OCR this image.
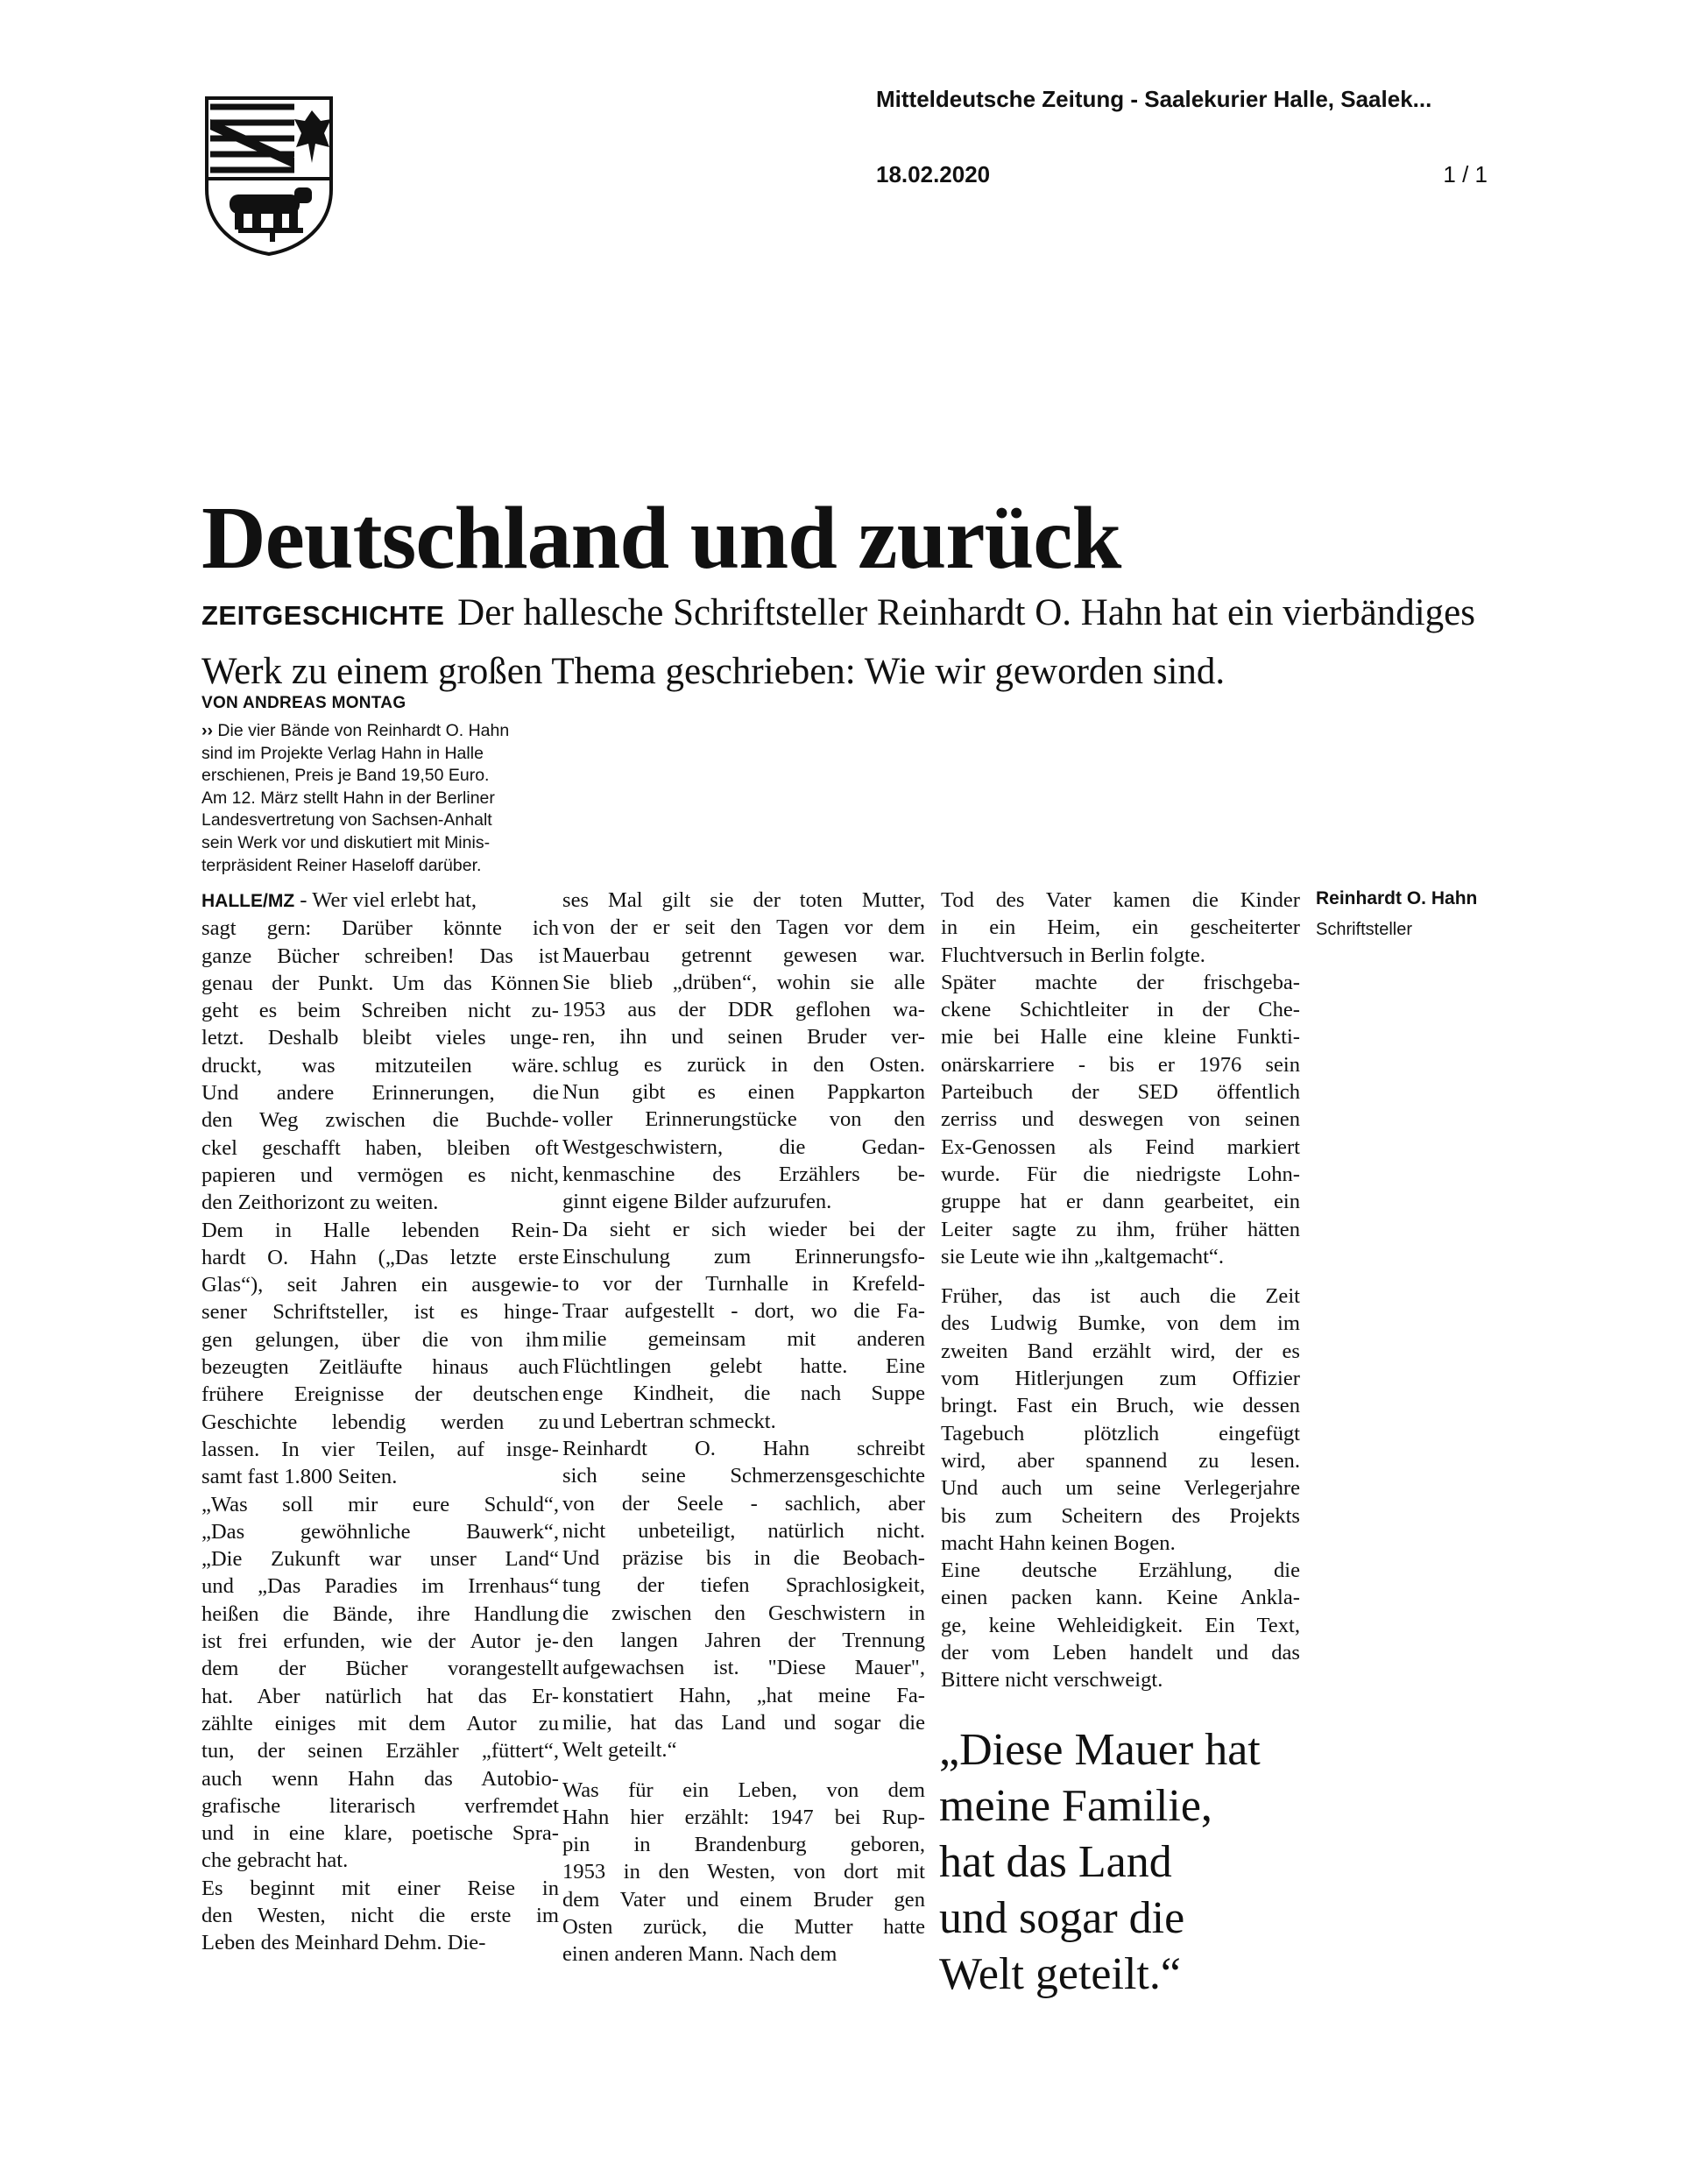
Mitteldeutsche Zeitung - Saalekurier Halle, Saalek...
18.02.2020	1 / 1
Deutschland und zurück

ZEITGESCHICHTE Der hallesche Schriftsteller Reinhardt O. Hahn hat ein vierbändiges Werk zu einem großen Thema geschrieben: Wie wir geworden sind.

VON ANDREAS MONTAG
›› Die vier Bände von Reinhardt O. Hahn
sind im Projekte Verlag Hahn in Halle
erschienen, Preis je Band 19,50 Euro.
Am 12. März stellt Hahn in der Berliner
Landesvertretung von Sachsen-Anhalt
sein Werk vor und diskutiert mit Minis-
terpräsident Reiner Haseloff darüber.
HALLE/MZ - Wer viel erlebt hat,
sagt gern: Darüber könnte ich
ganze Bücher schreiben! Das ist
genau der Punkt. Um das Können
geht es beim Schreiben nicht zu-
letzt. Deshalb bleibt vieles unge-
druckt, was mitzuteilen wäre.
Und andere Erinnerungen, die
den Weg zwischen die Buchde-
ckel geschafft haben, bleiben oft
papieren und vermögen es nicht,
den Zeithorizont zu weiten.
Dem in Halle lebenden Rein-
hardt O. Hahn („Das letzte erste
Glas“), seit Jahren ein ausgewie-
sener Schriftsteller, ist es hinge-
gen gelungen, über die von ihm
bezeugten Zeitläufte hinaus auch
frühere Ereignisse der deutschen
Geschichte lebendig werden zu
lassen. In vier Teilen, auf insge-
samt fast 1.800 Seiten.
„Was soll mir eure Schuld“,
„Das gewöhnliche Bauwerk“,
„Die Zukunft war unser Land“
und „Das Paradies im Irrenhaus“
heißen die Bände, ihre Handlung
ist frei erfunden, wie der Autor je-
dem der Bücher vorangestellt
hat. Aber natürlich hat das Er-
zählte einiges mit dem Autor zu
tun, der seinen Erzähler „füttert“,
auch wenn Hahn das Autobio-
grafische literarisch verfremdet
und in eine klare, poetische Spra-
che gebracht hat.
Es beginnt mit einer Reise in
den Westen, nicht die erste im
Leben des Meinhard Dehm. Die-
ses Mal gilt sie der toten Mutter,
von der er seit den Tagen vor dem
Mauerbau getrennt gewesen war.
Sie blieb „drüben“, wohin sie alle
1953 aus der DDR geflohen wa-
ren, ihn und seinen Bruder ver-
schlug es zurück in den Osten.
Nun gibt es einen Pappkarton
voller Erinnerungstücke von den
Westgeschwistern, die Gedan-
kenmaschine des Erzählers be-
ginnt eigene Bilder aufzurufen.
Da sieht er sich wieder bei der
Einschulung zum Erinnerungsfo-
to vor der Turnhalle in Krefeld-
Traar aufgestellt - dort, wo die Fa-
milie gemeinsam mit anderen
Flüchtlingen gelebt hatte. Eine
enge Kindheit, die nach Suppe
und Lebertran schmeckt.
Reinhardt O. Hahn schreibt
sich seine Schmerzensgeschichte
von der Seele - sachlich, aber
nicht unbeteiligt, natürlich nicht.
Und präzise bis in die Beobach-
tung der tiefen Sprachlosigkeit,
die zwischen den Geschwistern in
den langen Jahren der Trennung
aufgewachsen ist. "Diese Mauer",
konstatiert Hahn, „hat meine Fa-
milie, hat das Land und sogar die
Welt geteilt.“
Was für ein Leben, von dem
Hahn hier erzählt: 1947 bei Rup-
pin in Brandenburg geboren,
1953 in den Westen, von dort mit
dem Vater und einem Bruder gen
Osten zurück, die Mutter hatte
einen anderen Mann. Nach dem
Tod des Vater kamen die Kinder
in ein Heim, ein gescheiterter
Fluchtversuch in Berlin folgte.
Später machte der frischgeba-
ckene Schichtleiter in der Che-
mie bei Halle eine kleine Funkti-
onärskarriere - bis er 1976 sein
Parteibuch der SED öffentlich
zerriss und deswegen von seinen
Ex-Genossen als Feind markiert
wurde. Für die niedrigste Lohn-
gruppe hat er dann gearbeitet, ein
Leiter sagte zu ihm, früher hätten
sie Leute wie ihn „kaltgemacht“.
Früher, das ist auch die Zeit
des Ludwig Bumke, von dem im
zweiten Band erzählt wird, der es
vom Hitlerjungen zum Offizier
bringt. Fast ein Bruch, wie dessen
Tagebuch plötzlich eingefügt
wird, aber spannend zu lesen.
Und auch um seine Verlegerjahre
bis zum Scheitern des Projekts
macht Hahn keinen Bogen.
Eine deutsche Erzählung, die
einen packen kann. Keine Ankla-
ge, keine Wehleidigkeit. Ein Text,
der vom Leben handelt und das
Bittere nicht verschweigt.
Reinhardt O. Hahn
Schriftsteller
„Diese Mauer hat
meine Familie,
hat das Land
und sogar die
Welt geteilt.“
